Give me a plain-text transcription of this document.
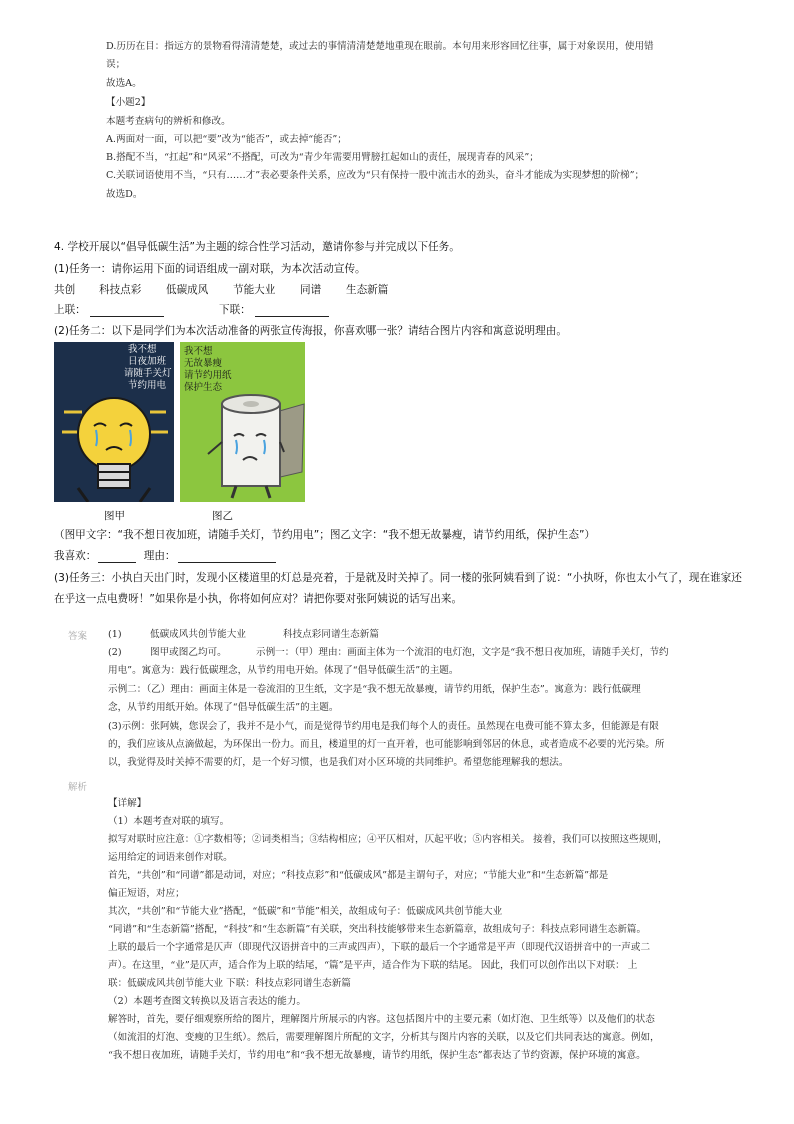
D.历历在目：指远方的景物看得清清楚楚，或过去的事情清清楚楚地重现在眼前。本句用来形容回忆往事，属于对象误用，使用错
误；
故选A。
【小题2】
本题考查病句的辨析和修改。
A.两面对一面，可以把“要”改为“能否”，或去掉“能否”；
B.搭配不当，“扛起”和“风采”不搭配，可改为“青少年需要用臂膀扛起如山的责任，展现青春的风采”；
C.关联词语使用不当，“只有……才”表必要条件关系，应改为“只有保持一股中流击水的劲头，奋斗才能成为实现梦想的阶梯”；
故选D。
4. 学校开展以“倡导低碳生活”为主题的综合性学习活动，邀请你参与并完成以下任务。
(1)任务一：请你运用下面的词语组成一副对联，为本次活动宣传。
共创 科技点彩 低碳成风 节能大业 同谱 生态新篇
上联：	下联：
(2)任务二：以下是同学们为本次活动准备的两张宣传海报，你喜欢哪一张？请结合图片内容和寓意说明理由。
我不想
日夜加班
请随手关灯
节约用电
我不想
无故暴瘦
请节约用纸
保护生态
图甲	图乙
（图甲文字：“我不想日夜加班，请随手关灯，节约用电”；图乙文字：“我不想无故暴瘦，请节约用纸，保护生态”）
我喜欢：	理由：
(3)任务三：小执白天出门时，发现小区楼道里的灯总是亮着，于是就及时关掉了。同一楼的张阿姨看到了说：“小执呀，你也太小气了，现在谁家还
在乎这一点电费呀！”如果你是小执，你将如何应对？请把你要对张阿姨说的话写出来。
答案 (1)	低碳成风共创节能大业	科技点彩同谱生态新篇
(2)	图甲或图乙均可。	示例一：（甲）理由：画面主体为一个流泪的电灯泡，文字是“我不想日夜加班，请随手关灯，节约
用电”。寓意为：践行低碳理念，从节约用电开始。体现了“倡导低碳生活”的主题。
示例二：（乙）理由：画面主体是一卷流泪的卫生纸，文字是“我不想无故暴瘦，请节约用纸，保护生态”。寓意为：践行低碳理
念，从节约用纸开始。体现了“倡导低碳生活”的主题。
(3)示例：张阿姨，您误会了，我并不是小气，而是觉得节约用电是我们每个人的责任。虽然现在电费可能不算太多，但能源是有限
的，我们应该从点滴做起，为环保出一份力。而且，楼道里的灯一直开着，也可能影响到邻居的休息，或者造成不必要的光污染。所
以，我觉得及时关掉不需要的灯，是一个好习惯，也是我们对小区环境的共同维护。希望您能理解我的想法。
解析
【详解】
（1）本题考查对联的填写。
拟写对联时应注意：①字数相等；②词类相当；③结构相应；④平仄相对，仄起平收；⑤内容相关。 接着，我们可以按照这些规则，
运用给定的词语来创作对联。
首先，“共创”和“同谱”都是动词，对应；“科技点彩”和“低碳成风”都是主谓句子，对应；“节能大业”和“生态新篇”都是
偏正短语，对应；
其次，“共创”和“节能大业”搭配，“低碳”和“节能”相关，故组成句子：低碳成风共创节能大业
“同谱”和“生态新篇”搭配，“科技”和“生态新篇”有关联，突出科技能够带来生态新篇章，故组成句子：科技点彩同谱生态新篇。
上联的最后一个字通常是仄声（即现代汉语拼音中的三声或四声），下联的最后一个字通常是平声（即现代汉语拼音中的一声或二
声）。在这里，“业”是仄声，适合作为上联的结尾，“篇”是平声，适合作为下联的结尾。 因此，我们可以创作出以下对联： 上
联：低碳成风共创节能大业 下联：科技点彩同谱生态新篇
（2）本题考查图文转换以及语言表达的能力。
解答时，首先，要仔细观察所给的图片，理解图片所展示的内容。这包括图片中的主要元素（如灯泡、卫生纸等）以及他们的状态
（如流泪的灯泡、变瘦的卫生纸）。然后，需要理解图片所配的文字，分析其与图片内容的关联，以及它们共同表达的寓意。例如，
“我不想日夜加班，请随手关灯，节约用电”和“我不想无故暴瘦，请节约用纸，保护生态”都表达了节约资源，保护环境的寓意。
